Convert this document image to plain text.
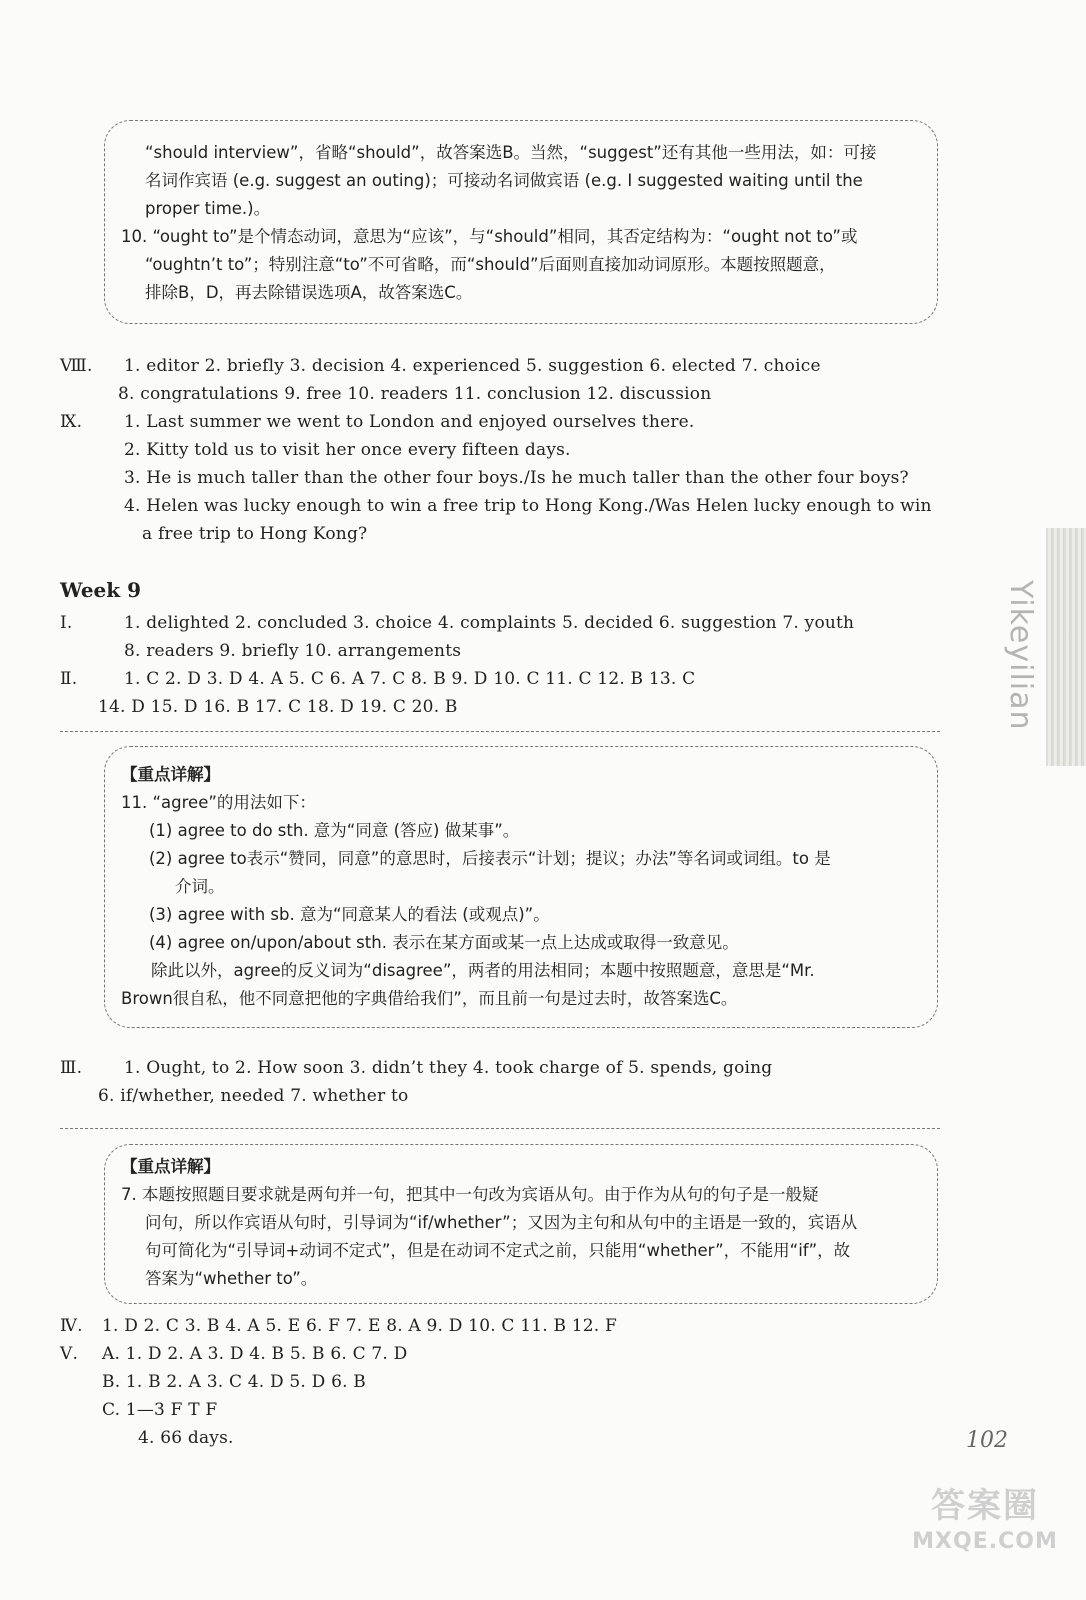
“should interview”，省略“should”，故答案选B。当然，“suggest”还有其他一些用法，如：可接

名词作宾语 (e.g. suggest an outing)；可接动名词做宾语 (e.g. I suggested waiting until the

proper time.)。

10. “ought to”是个情态动词，意思为“应该”，与“should”相同，其否定结构为：“ought not to”或

“oughtn’t to”；特别注意“to”不可省略，而“should”后面则直接加动词原形。本题按照题意，

排除B，D，再去除错误选项A，故答案选C。

Ⅷ. 1. editor 2. briefly 3. decision 4. experienced 5. suggestion 6. elected 7. choice

8. congratulations 9. free 10. readers 11. conclusion 12. discussion

Ⅸ. 1. Last summer we went to London and enjoyed ourselves there.

2. Kitty told us to visit her once every fifteen days.

3. He is much taller than the other four boys./Is he much taller than the other four boys?

4. Helen was lucky enough to win a free trip to Hong Kong./Was Helen lucky enough to win

a free trip to Hong Kong?

Week 9

Ⅰ.	1. delighted 2. concluded 3. choice 4. complaints 5. decided 6. suggestion 7. youth

8. readers 9. briefly 10. arrangements

Ⅱ.	1. C 2. D 3. D 4. A 5. C 6. A 7. C 8. B 9. D 10. C 11. C 12. B 13. C

14. D 15. D 16. B 17. C 18. D 19. C 20. B

【重点详解】

11. “agree”的用法如下：

(1) agree to do sth. 意为“同意 (答应) 做某事”。

(2) agree to表示“赞同，同意”的意思时，后接表示“计划；提议；办法”等名词或词组。to 是

介词。

(3) agree with sb. 意为“同意某人的看法 (或观点)”。

(4) agree on/upon/about sth. 表示在某方面或某一点上达成或取得一致意见。

除此以外，agree的反义词为“disagree”，两者的用法相同；本题中按照题意，意思是“Mr.

Brown很自私，他不同意把他的字典借给我们”，而且前一句是过去时，故答案选C。

Ⅲ. 1. Ought, to 2. How soon 3. didn’t they 4. took charge of 5. spends, going

6. if/whether, needed 7. whether to

【重点详解】

7. 本题按照题目要求就是两句并一句，把其中一句改为宾语从句。由于作为从句的句子是一般疑

问句，所以作宾语从句时，引导词为“if/whether”；又因为主句和从句中的主语是一致的，宾语从

句可简化为“引导词+动词不定式”，但是在动词不定式之前，只能用“whether”，不能用“if”，故

答案为“whether to”。

Ⅳ. 1. D 2. C 3. B 4. A 5. E 6. F 7. E 8. A 9. D 10. C 11. B 12. F

Ⅴ. A. 1. D 2. A 3. D 4. B 5. B 6. C 7. D

B. 1. B 2. A 3. C 4. D 5. D 6. B

C. 1—3 F T F

4. 66 days.

Yikeyilian
102
答案圈
MXQE.COM
